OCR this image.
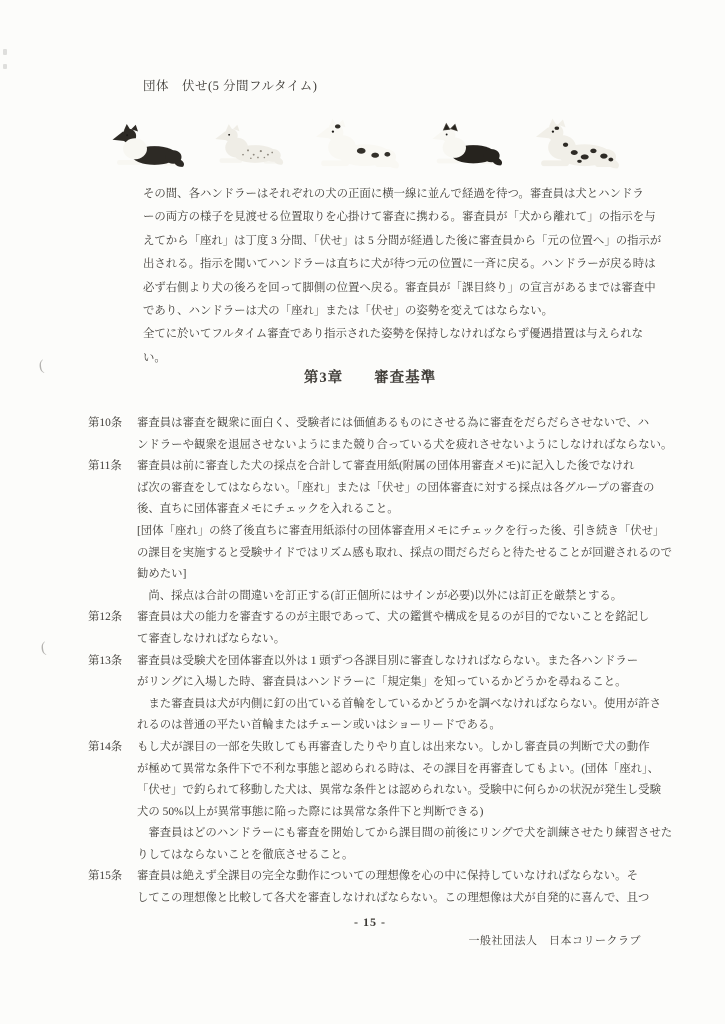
(
(
団体　伏せ(5 分間フルタイム)
その間、各ハンドラーはそれぞれの犬の正面に横一線に並んで経過を待つ。審査員は犬とハンドラ
ーの両方の様子を見渡せる位置取りを心掛けて審査に携わる。審査員が「犬から離れて」の指示を与
えてから「座れ」は丁度 3 分間、「伏せ」は 5 分間が経過した後に審査員から「元の位置へ」の指示が
出される。指示を聞いてハンドラーは直ちに犬が待つ元の位置に一斉に戻る。ハンドラーが戻る時は
必ず右側より犬の後ろを回って脚側の位置へ戻る。審査員が「課目終り」の宣言があるまでは審査中
であり、ハンドラーは犬の「座れ」または「伏せ」の姿勢を変えてはならない。
全てに於いてフルタイム審査であり指示された姿勢を保持しなければならず優遇措置は与えられな
い。
第3章　　審査基準
第10条	審査員は審査を観衆に面白く、受験者には価値あるものにさせる為に審査をだらだらさせないで、ハ
ンドラーや観衆を退屈させないようにまた競り合っている犬を疲れさせないようにしなければならない。
第11条	審査員は前に審査した犬の採点を合計して審査用紙(附属の団体用審査メモ)に記入した後でなけれ
ば次の審査をしてはならない。「座れ」または「伏せ」の団体審査に対する採点は各グループの審査の
後、直ちに団体審査メモにチェックを入れること。
[団体「座れ」の終了後直ちに審査用紙添付の団体審査用メモにチェックを行った後、引き続き「伏せ」
の課目を実施すると受験サイドではリズム感も取れ、採点の間だらだらと待たせることが回避されるので
勧めたい]
　尚、採点は合計の間違いを訂正する(訂正個所にはサインが必要)以外には訂正を厳禁とする。
第12条	審査員は犬の能力を審査するのが主眼であって、犬の鑑賞や構成を見るのが目的でないことを銘記し
て審査しなければならない。
第13条	審査員は受験犬を団体審査以外は 1 頭ずつ各課目別に審査しなければならない。また各ハンドラー
がリングに入場した時、審査員はハンドラーに「規定集」を知っているかどうかを尋ねること。
　また審査員は犬が内側に釘の出ている首輪をしているかどうかを調べなければならない。使用が許さ
れるのは普通の平たい首輪またはチェーン或いはショーリードである。
第14条	もし犬が課目の一部を失敗しても再審査したりやり直しは出来ない。しかし審査員の判断で犬の動作
が極めて異常な条件下で不利な事態と認められる時は、その課目を再審査してもよい。(団体「座れ」、
「伏せ」で釣られて移動した犬は、異常な条件とは認められない。受験中に何らかの状況が発生し受験
犬の 50%以上が異常事態に陥った際には異常な条件下と判断できる)
　審査員はどのハンドラーにも審査を開始してから課目間の前後にリングで犬を訓練させたり練習させた
りしてはならないことを徹底させること。
第15条	審査員は絶えず全課目の完全な動作についての理想像を心の中に保持していなければならない。そ
してこの理想像と比較して各犬を審査しなければならない。この理想像は犬が自発的に喜んで、且つ
- 15 -
一般社団法人　日本コリークラブ
